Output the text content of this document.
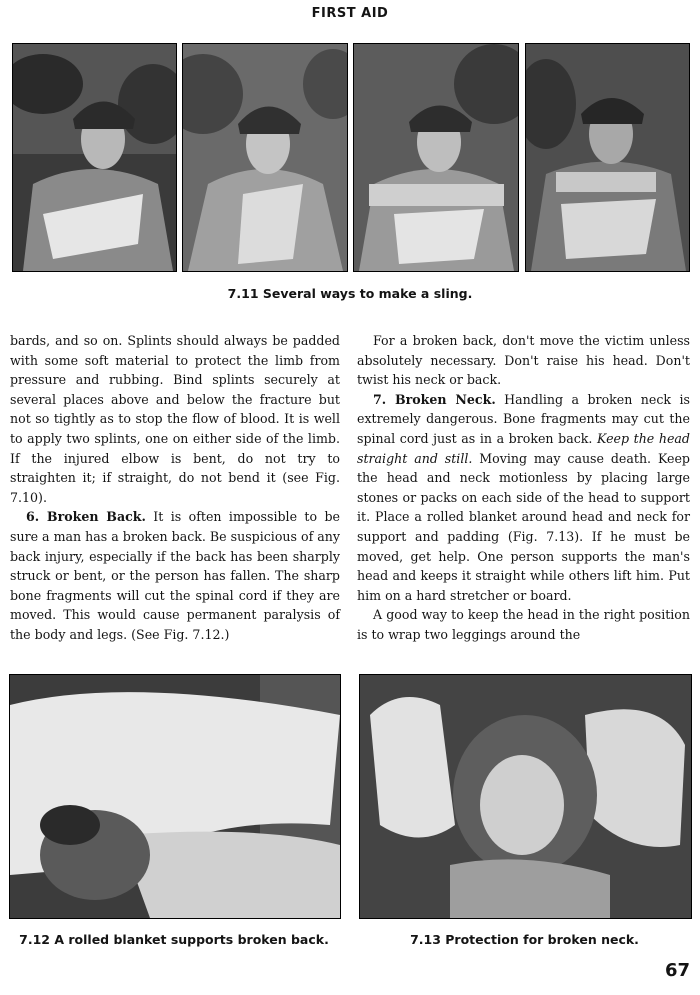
FIRST AID
7.11 Several ways to make a sling.

bards, and so on. Splints should always be padded with some soft material to protect the limb from pressure and rubbing. Bind splints securely at several places above and below the fracture but not so tightly as to stop the flow of blood. It is well to apply two splints, one on either side of the limb. If the injured elbow is bent, do not try to straighten it; if straight, do not bend it (see Fig. 7.10).

6. Broken Back. It is often impossible to be sure a man has a broken back. Be suspicious of any back injury, especially if the back has been sharply struck or bent, or the person has fallen. The sharp bone fragments will cut the spinal cord if they are moved. This would cause permanent paralysis of the body and legs. (See Fig. 7.12.)

For a broken back, don't move the victim unless absolutely necessary. Don't raise his head. Don't twist his neck or back.

7. Broken Neck. Handling a broken neck is extremely dangerous. Bone fragments may cut the spinal cord just as in a broken back. Keep the head straight and still. Moving may cause death. Keep the head and neck motionless by placing large stones or packs on each side of the head to support it. Place a rolled blanket around head and neck for support and padding (Fig. 7.13). If he must be moved, get help. One person supports the man's head and keeps it straight while others lift him. Put him on a hard stretcher or board.

A good way to keep the head in the right position is to wrap two leggings around the

7.12 A rolled blanket supports broken back.	7.13 Protection for broken neck.
67
